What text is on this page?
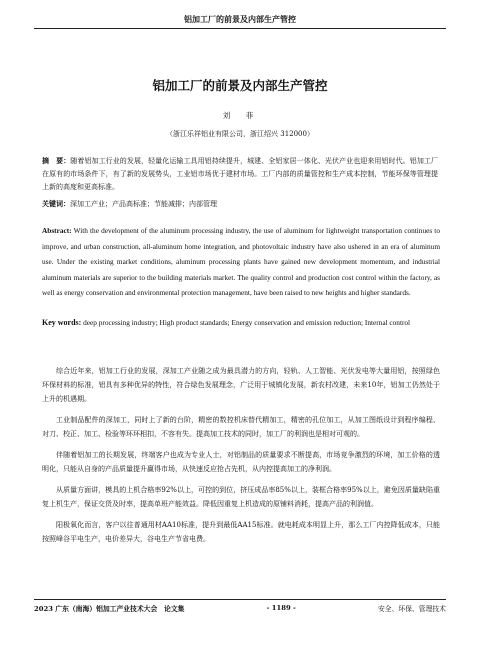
铝加工厂的前景及内部生产管控
铝加工厂的前景及内部生产管控
刘　菲
（浙江乐祥铝业有限公司，浙江绍兴 312000）
摘　要：随着铝加工行业的发展，轻量化运输工具用铝持续提升，城建、全铝家居一体化、光伏产业也迎来用铝时代。铝加工厂在原有的市场条件下，有了新的发展势头，工业铝市场优于建材市场。工厂内部的质量管控和生产成本控制，节能环保等管理提上新的高度和更高标准。
关键词：深加工产业；产品高标准；节能减排；内部管理
Abstract: With the development of the aluminum processing industry, the use of aluminum for lightweight transportation continues to improve, and urban construction, all-aluminum home integration, and photovoltaic industry have also ushered in an era of aluminum use. Under the existing market conditions, aluminum processing plants have gained new development momentum, and industrial aluminum materials are superior to the building materials market. The quality control and production cost control within the factory, as well as energy conservation and environmental protection management, have been raised to new heights and higher standards.
Key words: deep processing industry; High product standards; Energy conservation and emission reduction; Internal control

综合近年来，铝加工行业的发展，深加工产业随之成为最具潜力的方向，轻轨、人工智能、光伏发电等大量用铝，按照绿色环保材料的标准，铝具有多种优异的特性，符合绿色发展理念，广泛用于城镇化发展，新农村改建，未来10年，铝加工仍然处于上升的机遇期。

工业制品配件的深加工，同时上了新的台阶，精密的数控机床替代精加工，精密的孔位加工，从加工图纸设计到程序编程、对刀、校正、加工、检验等环环相扣，不容有失。提高加工技术的同时，加工厂的利润也是相对可观的。

伴随着铝加工的长期发展，终端客户也成为专业人士，对铝制品的质量要求不断提高，市场竞争激烈的环境，加工价格的透明化，只能从自身的产品质量提升赢得市场，从快速反应抢占先机，从内控提高加工的净利润。

从质量方面讲，模具的上机合格率92%以上，可控的到位，挤压成品率85%以上，装框合格率95%以上，避免因质量缺陷重复上机生产，保证交货及时率，提高单班产能效益。降低因重复上机造成的原铺料消耗，提高产品的利润值。

阳极氧化而言，客户以往普通用材AA10标准，提升到最低AA15标准。就电耗成本明显上升，那么工厂内控降低成本，只能按照峰谷平电生产，电价差异大，谷电生产节省电费。

2023 广东（南海）铝加工产业技术大会　论文集	- 1189 -	安全、环保、管理技术
